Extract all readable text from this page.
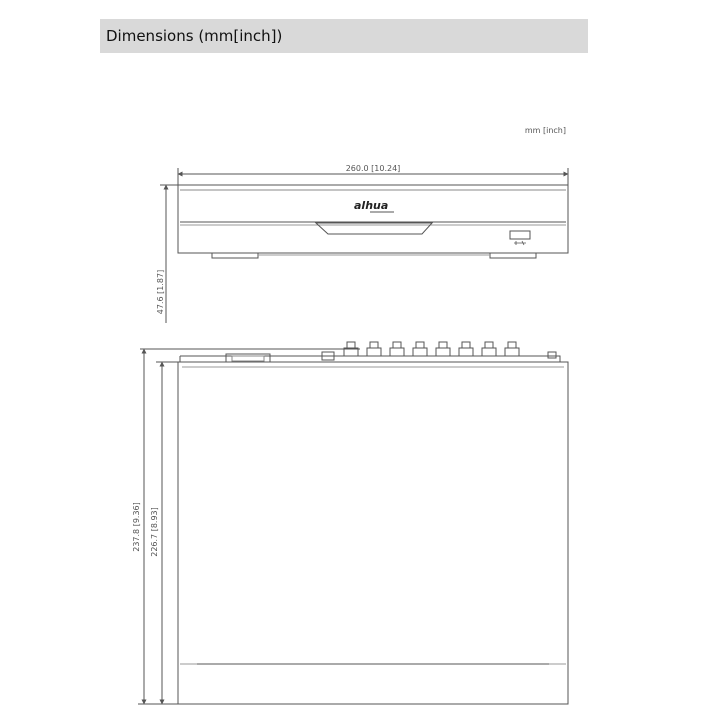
Dimensions (mm[inch])
mm [inch]
alhua
260.0 [10.24]
47.6 [1.87]
237.8 [9.36] 226.7 [8.93]
